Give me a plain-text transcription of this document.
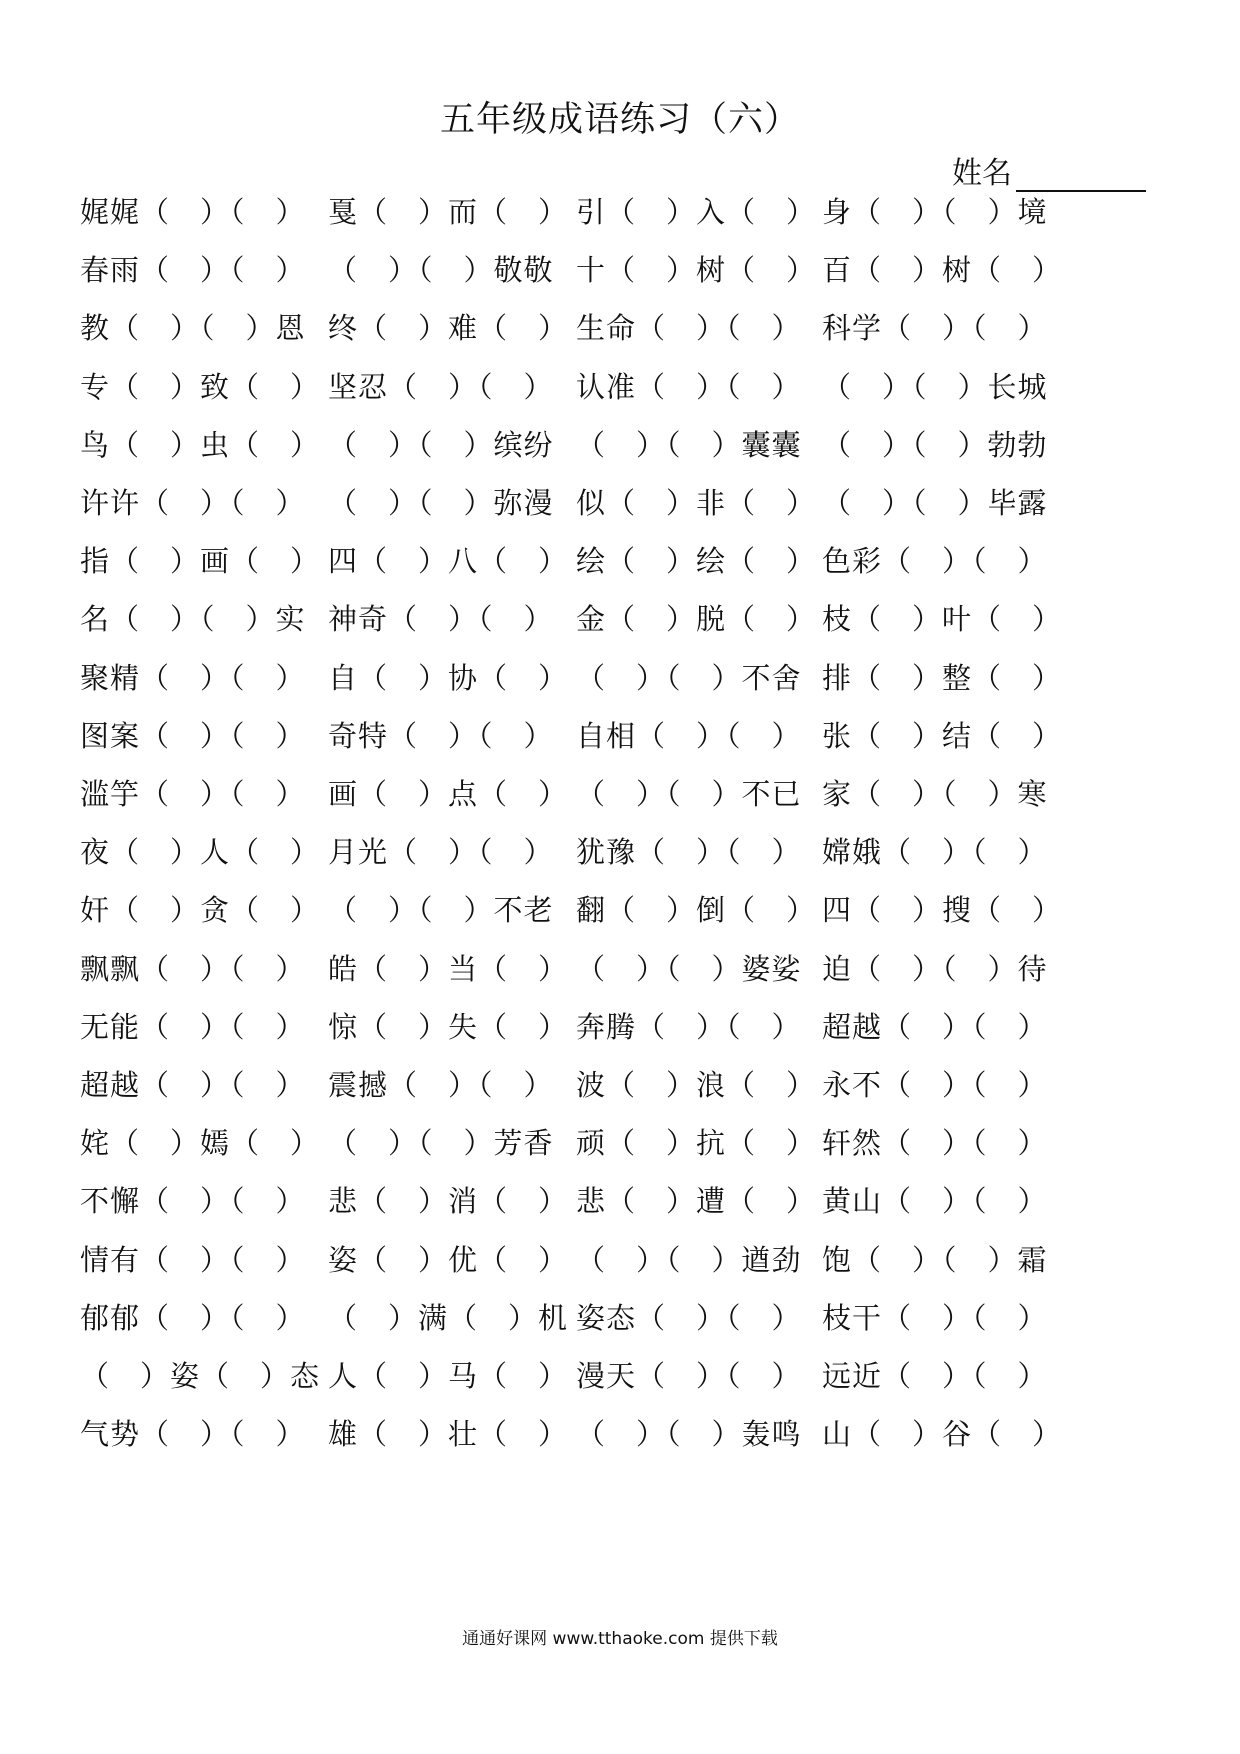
五年级成语练习（六）
姓名
娓娓（　）（　） 戛（　）而（　） 引（　）入（　） 身（　）（　）境
春雨（　）（　） （　）（　）敬敬 十（　）树（　） 百（　）树（　）
教（　）（　）恩 终（　）难（　） 生命（　）（　） 科学（　）（　）
专（　）致（　） 坚忍（　）（　） 认准（　）（　） （　）（　）长城
鸟（　）虫（　） （　）（　）缤纷 （　）（　）囊囊 （　）（　）勃勃
许许（　）（　） （　）（　）弥漫 似（　）非（　） （　）（　）毕露
指（　）画（　） 四（　）八（　） 绘（　）绘（　） 色彩（　）（　）
名（　）（　）实 神奇（　）（　） 金（　）脱（　） 枝（　）叶（　）
聚精（　）（　） 自（　）协（　） （　）（　）不舍 排（　）整（　）
图案（　）（　） 奇特（　）（　） 自相（　）（　） 张（　）结（　）
滥竽（　）（　） 画（　）点（　） （　）（　）不已 家（　）（　）寒
夜（　）人（　） 月光（　）（　） 犹豫（　）（　） 嫦娥（　）（　）
奸（　）贪（　） （　）（　）不老 翻（　）倒（　） 四（　）搜（　）
飘飘（　）（　） 皓（　）当（　） （　）（　）婆娑 迫（　）（　）待
无能（　）（　） 惊（　）失（　） 奔腾（　）（　） 超越（　）（　）
超越（　）（　） 震撼（　）（　） 波（　）浪（　） 永不（　）（　）
姹（　）嫣（　） （　）（　）芳香 顽（　）抗（　） 轩然（　）（　）
不懈（　）（　） 悲（　）消（　） 悲（　）遭（　） 黄山（　）（　）
情有（　）（　） 姿（　）优（　） （　）（　）遒劲 饱（　）（　）霜
郁郁（　）（　） （　）满（　）机 姿态（　）（　） 枝干（　）（　）
（　）姿（　）态 人（　）马（　） 漫天（　）（　） 远近（　）（　）
气势（　）（　） 雄（　）壮（　） （　）（　）轰鸣 山（　）谷（　）
通通好课网 www.tthaoke.com 提供下载
